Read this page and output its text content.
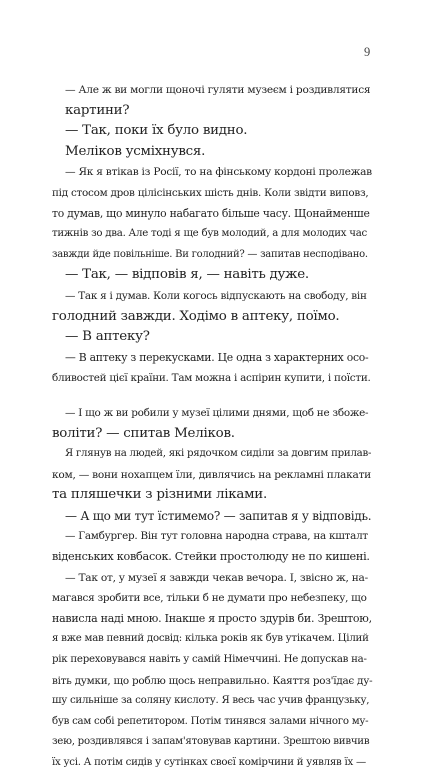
9
— Але ж ви могли щоночі гуляти музеєм і роздивлятися
картини?
— Так, поки їх було видно.
Меліков усміхнувся.
— Як я втікав із Росії, то на фінському кордоні пролежав
під стосом дров цілісінських шість днів. Коли звідти виповз,
то думав, що минуло набагато більше часу. Щонайменше
тижнів зо два. Але тоді я ще був молодий, а для молодих час
завжди йде повільніше. Ви голодний? — запитав несподівано.
— Так, — відповів я, — навіть дуже.
— Так я і думав. Коли когось відпускають на свободу, він
голодний завжди. Ходімо в аптеку, поїмо.
— В аптеку?
— В аптеку з перекусками. Це одна з характерних осо-
бливостей цієї країни. Там можна і аспірин купити, і поїсти.
— І що ж ви робили у музеї цілими днями, щоб не збоже-
воліти? — спитав Меліков.
Я глянув на людей, які рядочком сиділи за довгим прилав-
ком, — вони нохапцем їли, дивлячись на рекламні плакати
та пляшечки з різними ліками.
— А що ми тут їстимемо? — запитав я у відповідь.
— Гамбургер. Він тут головна народна страва, на кшталт
віденських ковбасок. Стейки простолюду не по кишені.
— Так от, у музеї я завжди чекав вечора. І, звісно ж, на-
магався зробити все, тільки б не думати про небезпеку, що
нависла наді мною. Інакше я просто здурів би. Зрештою,
я вже мав певний досвід: кілька років як був утікачем. Цілий
рік переховувався навіть у самій Німеччині. Не допускав на-
віть думки, що роблю щось неправильно. Каяття роз'їдає ду-
шу сильніше за соляну кислоту. Я весь час учив французьку,
був сам собі репетитором. Потім тинявся залами нічного му-
зею, роздивлявся і запам'ятовував картини. Зрештою вивчив
їх усі. А потім сидів у сутінках своєї комірчини й уявляв їх —
